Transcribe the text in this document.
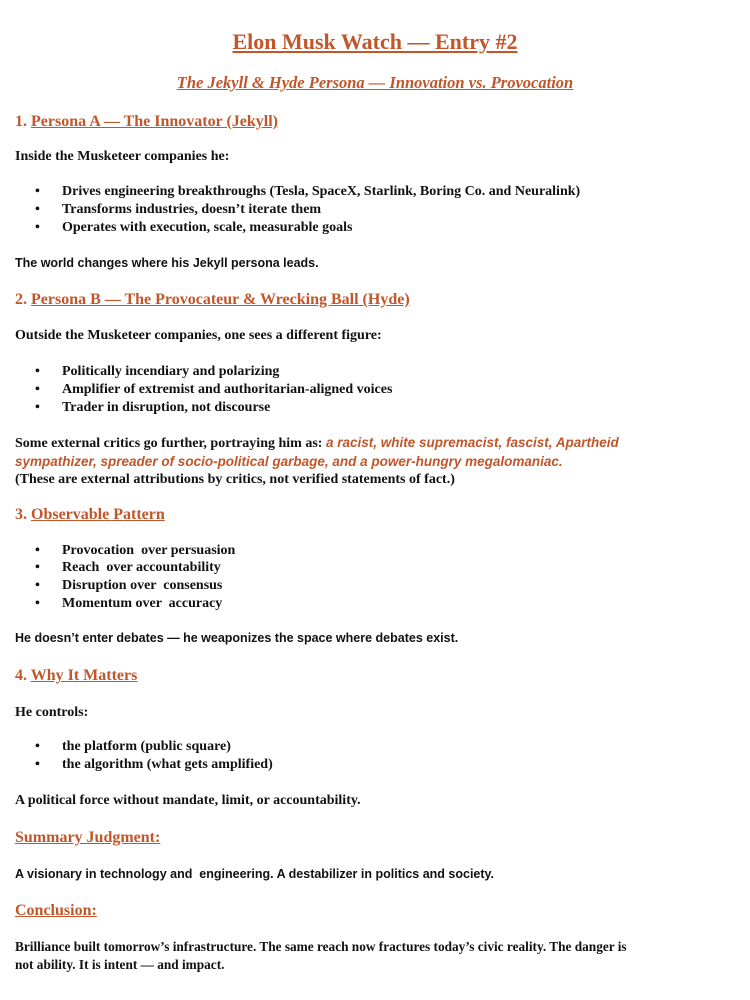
Elon Musk Watch — Entry #2
The Jekyll & Hyde Persona — Innovation vs. Provocation
1. Persona A — The Innovator (Jekyll)
Inside the Musketeer companies he:
• Drives engineering breakthroughs (Tesla, SpaceX, Starlink, Boring Co. and Neuralink)
• Transforms industries, doesn’t iterate them
• Operates with execution, scale, measurable goals
The world changes where his Jekyll persona leads.
2. Persona B — The Provocateur & Wrecking Ball (Hyde)
Outside the Musketeer companies, one sees a different figure:
• Politically incendiary and polarizing
• Amplifier of extremist and authoritarian-aligned voices
• Trader in disruption, not discourse
Some external critics go further, portraying him as: a racist, white supremacist, fascist, Apartheid
sympathizer, spreader of socio-political garbage, and a power-hungry megalomaniac.
(These are external attributions by critics, not verified statements of fact.)
3. Observable Pattern
• Provocation  over persuasion
• Reach  over accountability
• Disruption over  consensus
• Momentum over  accuracy
He doesn’t enter debates — he weaponizes the space where debates exist.
4. Why It Matters
He controls:
• the platform (public square)
• the algorithm (what gets amplified)
A political force without mandate, limit, or accountability.
Summary Judgment:
A visionary in technology and  engineering. A destabilizer in politics and society.
Conclusion:
Brilliance built tomorrow’s infrastructure. The same reach now fractures today’s civic reality. The danger is
not ability. It is intent — and impact.
